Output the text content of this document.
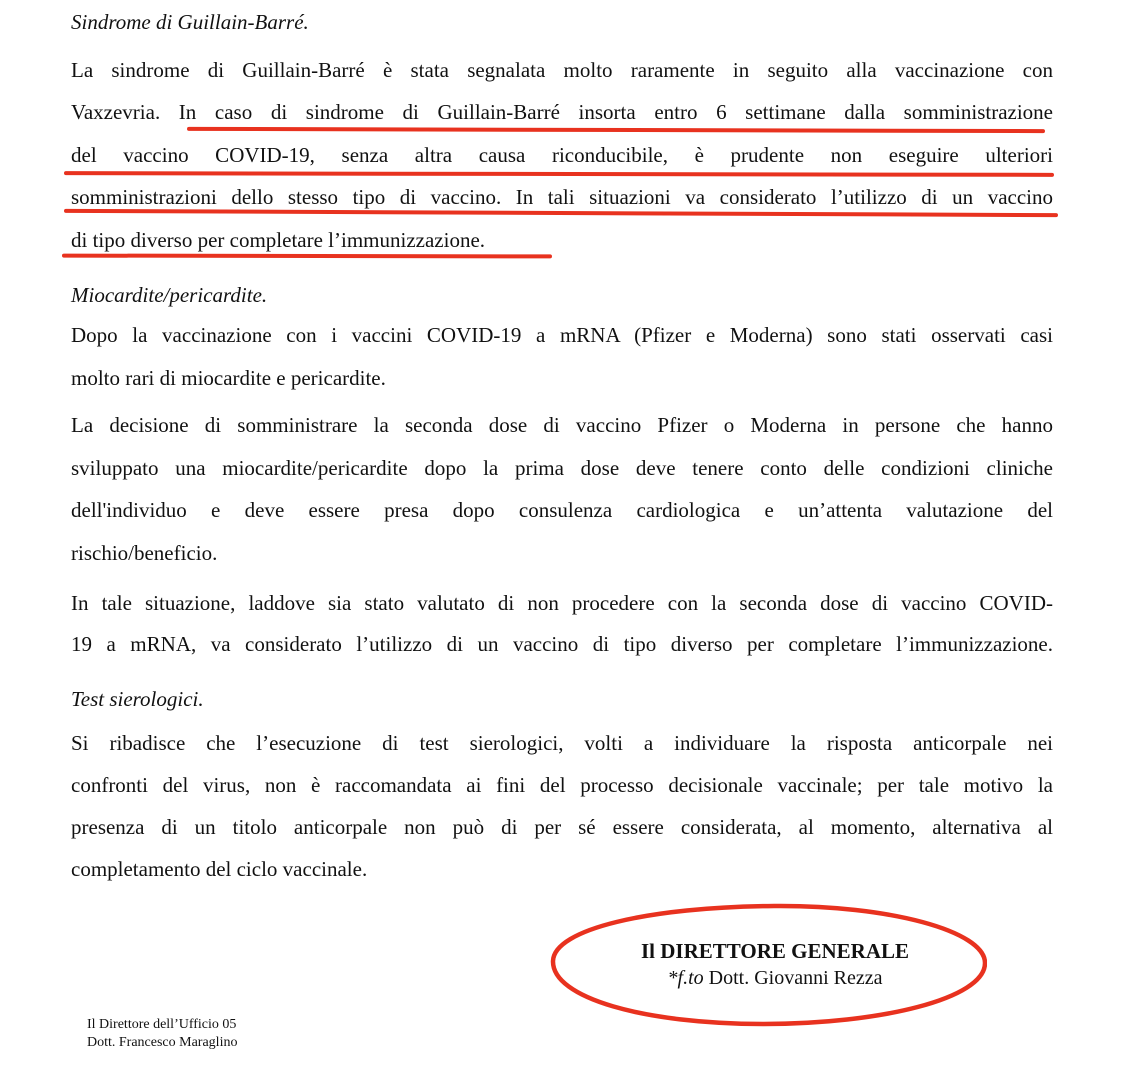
Sindrome di Guillain-Barré.
La sindrome di Guillain-Barré è stata segnalata molto raramente in seguito alla vaccinazione con
Vaxzevria. In caso di sindrome di Guillain-Barré insorta entro 6 settimane dalla somministrazione
del vaccino COVID-19, senza altra causa riconducibile, è prudente non eseguire ulteriori
somministrazioni dello stesso tipo di vaccino. In tali situazioni va considerato l’utilizzo di un vaccino
di tipo diverso per completare l’immunizzazione.
Miocardite/pericardite.
Dopo la vaccinazione con i vaccini COVID-19 a mRNA (Pfizer e Moderna) sono stati osservati casi
molto rari di miocardite e pericardite.
La decisione di somministrare la seconda dose di vaccino Pfizer o Moderna in persone che hanno
sviluppato una miocardite/pericardite dopo la prima dose deve tenere conto delle condizioni cliniche
dell'individuo e deve essere presa dopo consulenza cardiologica e un’attenta valutazione del
rischio/beneficio.
In tale situazione, laddove sia stato valutato di non procedere con la seconda dose di vaccino COVID-
19 a mRNA, va considerato l’utilizzo di un vaccino di tipo diverso per completare l’immunizzazione.
Test sierologici.
Si ribadisce che l’esecuzione di test sierologici, volti a individuare la risposta anticorpale nei
confronti del virus, non è raccomandata ai fini del processo decisionale vaccinale; per tale motivo la
presenza di un titolo anticorpale non può di per sé essere considerata, al momento, alternativa al
completamento del ciclo vaccinale.
Il DIRETTORE GENERALE
*f.to Dott. Giovanni Rezza
Il Direttore dell’Ufficio 05
Dott. Francesco Maraglino
